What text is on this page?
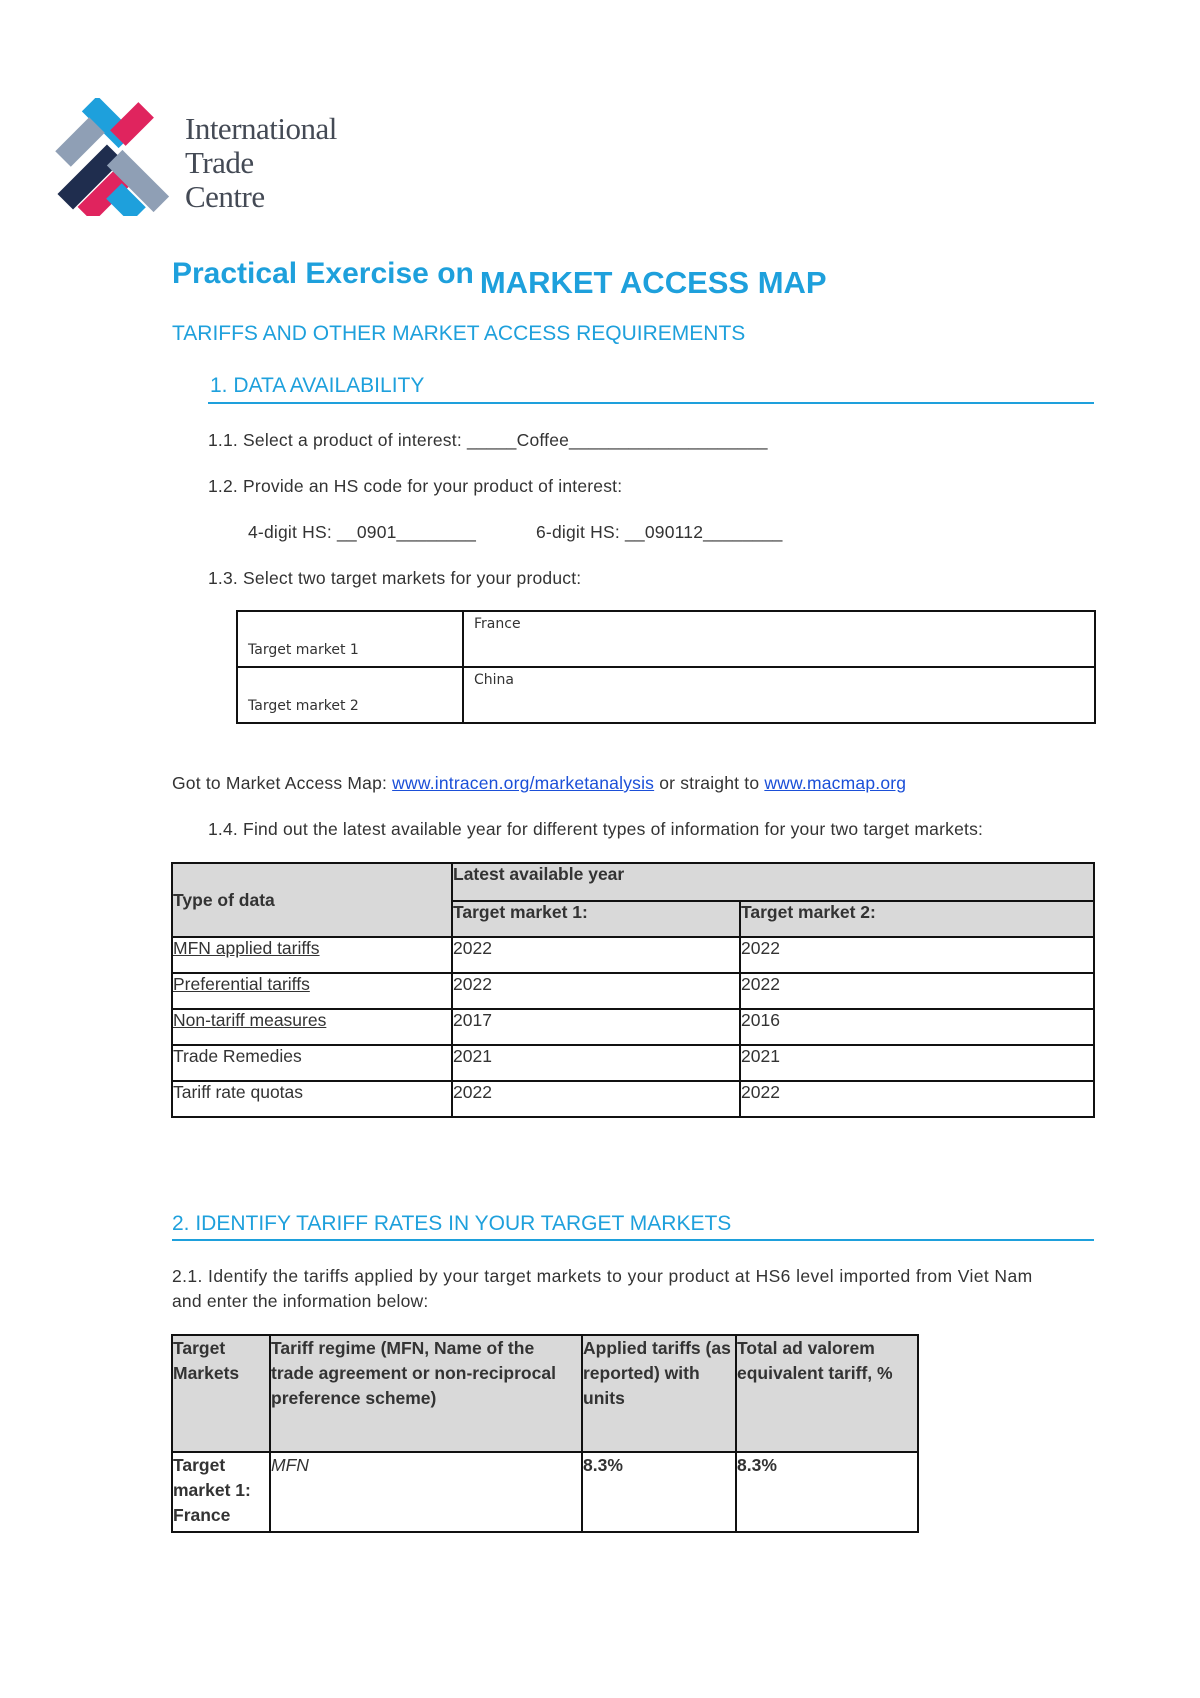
International
Trade
Centre
Practical Exercise on MARKET ACCESS MAP
TARIFFS AND OTHER MARKET ACCESS REQUIREMENTS
1. DATA AVAILABILITY
1.1. Select a product of interest: _____Coffee____________________
1.2. Provide an HS code for your product of interest:
4-digit HS: __0901________	6-digit HS: __090112________
1.3. Select two target markets for your product:
Target market 1	France
Target market 2	China
Got to Market Access Map: www.intracen.org/marketanalysis or straight to www.macmap.org
1.4. Find out the latest available year for different types of information for your two target markets:
Type of data	Latest available year	
	Target market 1:	Target market 2:
MFN applied tariffs	2022	2022
Preferential tariffs	2022	2022
Non-tariff measures	2017	2016
Trade Remedies	2021	2021
Tariff rate quotas	2022	2022
2. IDENTIFY TARIFF RATES IN YOUR TARGET MARKETS
2.1. Identify the tariffs applied by your target markets to your product at HS6 level imported from Viet Nam
and enter the information below:
Target Markets	Tariff regime (MFN, Name of the trade agreement or non-reciprocal preference scheme)	Applied tariffs (as reported) with units	Total ad valorem equivalent tariff, %
Target market 1: France	MFN	8.3%	8.3%
